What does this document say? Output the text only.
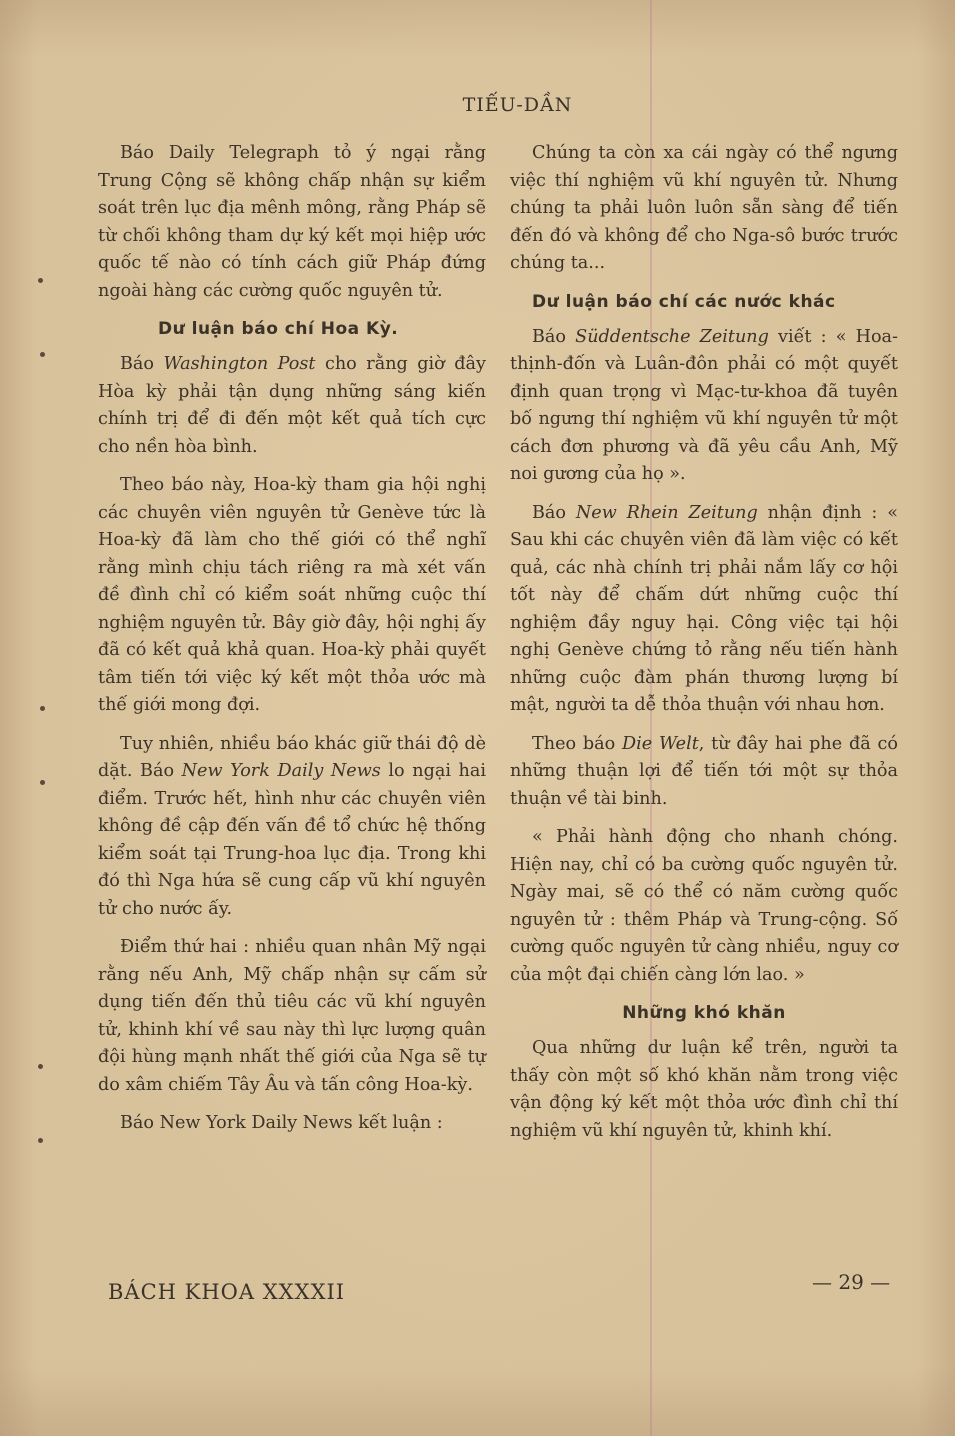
TIẾU-DẦN

Báo Daily Telegraph tỏ ý ngại rằng Trung Cộng sẽ không chấp nhận sự kiểm soát trên lục địa mênh mông, rằng Pháp sẽ từ chối không tham dự ký kết mọi hiệp ước quốc tế nào có tính cách giữ Pháp đứng ngoài hàng các cường quốc nguyên tử.

Dư luận báo chí Hoa Kỳ.

Báo Washington Post cho rằng giờ đây Hòa kỳ phải tận dụng những sáng kiến chính trị để đi đến một kết quả tích cực cho nền hòa bình.

Theo báo này, Hoa-kỳ tham gia hội nghị các chuyên viên nguyên tử Genève tức là Hoa-kỳ đã làm cho thế giới có thể nghĩ rằng mình chịu tách riêng ra mà xét vấn đề đình chỉ có kiểm soát những cuộc thí nghiệm nguyên tử. Bây giờ đây, hội nghị ấy đã có kết quả khả quan. Hoa-kỳ phải quyết tâm tiến tới việc ký kết một thỏa ước mà thế giới mong đợi.

Tuy nhiên, nhiều báo khác giữ thái độ dè dặt. Báo New York Daily News lo ngại hai điểm. Trước hết, hình như các chuyên viên không đề cập đến vấn đề tổ chức hệ thống kiểm soát tại Trung-hoa lục địa. Trong khi đó thì Nga hứa sẽ cung cấp vũ khí nguyên tử cho nước ấy.

Điểm thứ hai : nhiều quan nhân Mỹ ngại rằng nếu Anh, Mỹ chấp nhận sự cấm sử dụng tiến đến thủ tiêu các vũ khí nguyên tử, khinh khí về sau này thì lực lượng quân đội hùng mạnh nhất thế giới của Nga sẽ tự do xâm chiếm Tây Âu và tấn công Hoa-kỳ.

Báo New York Daily News kết luận :

Chúng ta còn xa cái ngày có thể ngưng việc thí nghiệm vũ khí nguyên tử. Nhưng chúng ta phải luôn luôn sẵn sàng để tiến đến đó và không để cho Nga-sô bước trước chúng ta...

Dư luận báo chí các nước khác

Báo Süddentsche Zeitung viết : « Hoa-thịnh-đốn và Luân-đôn phải có một quyết định quan trọng vì Mạc-tư-khoa đã tuyên bố ngưng thí nghiệm vũ khí nguyên tử một cách đơn phương và đã yêu cầu Anh, Mỹ noi gương của họ ».

Báo New Rhein Zeitung nhận định : « Sau khi các chuyên viên đã làm việc có kết quả, các nhà chính trị phải nắm lấy cơ hội tốt này để chấm dứt những cuộc thí nghiệm đầy nguy hại. Công việc tại hội nghị Genève chứng tỏ rằng nếu tiến hành những cuộc đàm phán thương lượng bí mật, người ta dễ thỏa thuận với nhau hơn.

Theo báo Die Welt, từ đây hai phe đã có những thuận lợi để tiến tới một sự thỏa thuận về tài binh.

« Phải hành động cho nhanh chóng. Hiện nay, chỉ có ba cường quốc nguyên tử. Ngày mai, sẽ có thể có năm cường quốc nguyên tử : thêm Pháp và Trung-cộng. Số cường quốc nguyên tử càng nhiều, nguy cơ của một đại chiến càng lớn lao. »

Những khó khăn

Qua những dư luận kể trên, người ta thấy còn một số khó khăn nằm trong việc vận động ký kết một thỏa ước đình chỉ thí nghiệm vũ khí nguyên tử, khinh khí.

BÁCH KHOA XXXXII	— 29 —
